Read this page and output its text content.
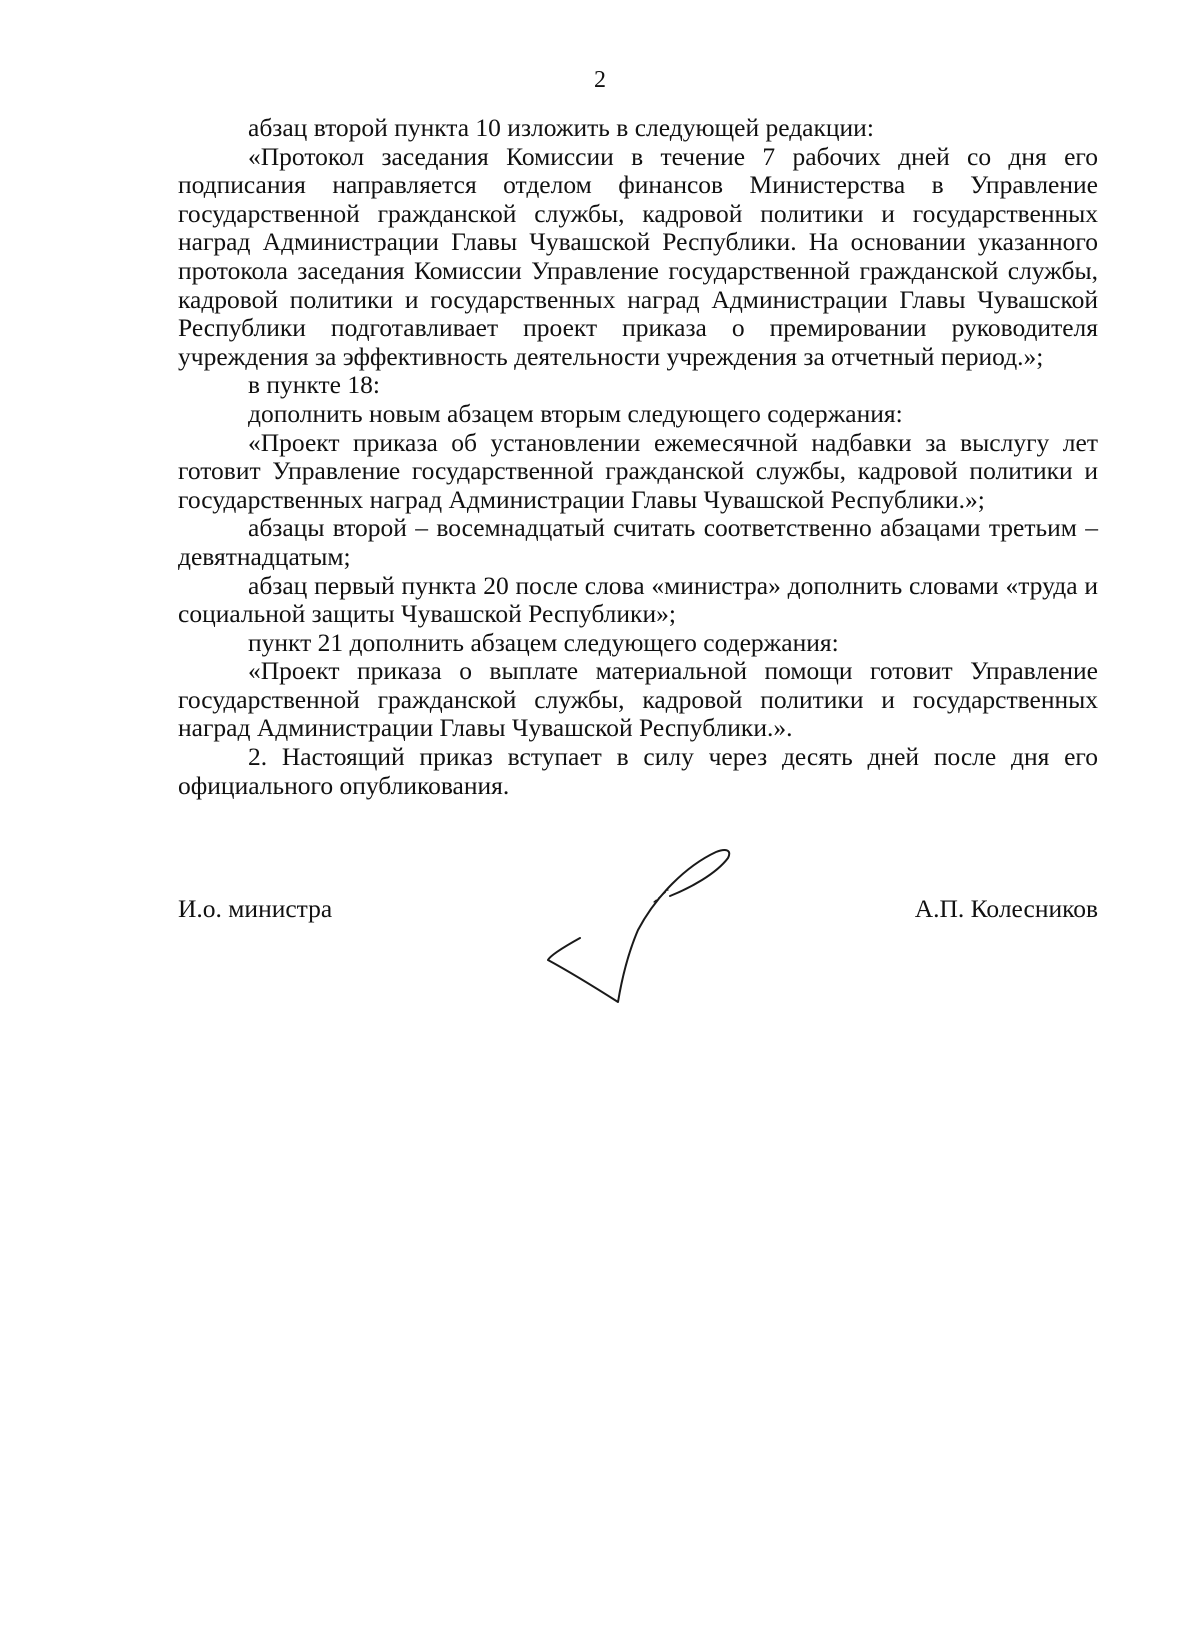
2

абзац второй пункта 10 изложить в следующей редакции:

«Протокол заседания Комиссии в течение 7 рабочих дней со дня его подписания направляется отделом финансов Министерства в Управление государственной гражданской службы, кадровой политики и государственных наград Администрации Главы Чувашской Республики. На основании указанного протокола заседания Комиссии Управление государственной гражданской службы, кадровой политики и государственных наград Администрации Главы Чувашской Республики подготавливает проект приказа о премировании руководителя учреждения за эффективность деятельности учреждения за отчетный период.»;

в пункте 18:

дополнить новым абзацем вторым следующего содержания:

«Проект приказа об установлении ежемесячной надбавки за выслугу лет готовит Управление государственной гражданской службы, кадровой политики и государственных наград Администрации Главы Чувашской Республики.»;

абзацы второй – восемнадцатый считать соответственно абзацами третьим – девятнадцатым;

абзац первый пункта 20 после слова «министра» дополнить словами «труда и социальной защиты Чувашской Республики»;

пункт 21 дополнить абзацем следующего содержания:

«Проект приказа о выплате материальной помощи готовит Управление государственной гражданской службы, кадровой политики и государственных наград Администрации Главы Чувашской Республики.».

2. Настоящий приказ вступает в силу через десять дней после дня его официального опубликования.

И.о. министра	А.П. Колесников
